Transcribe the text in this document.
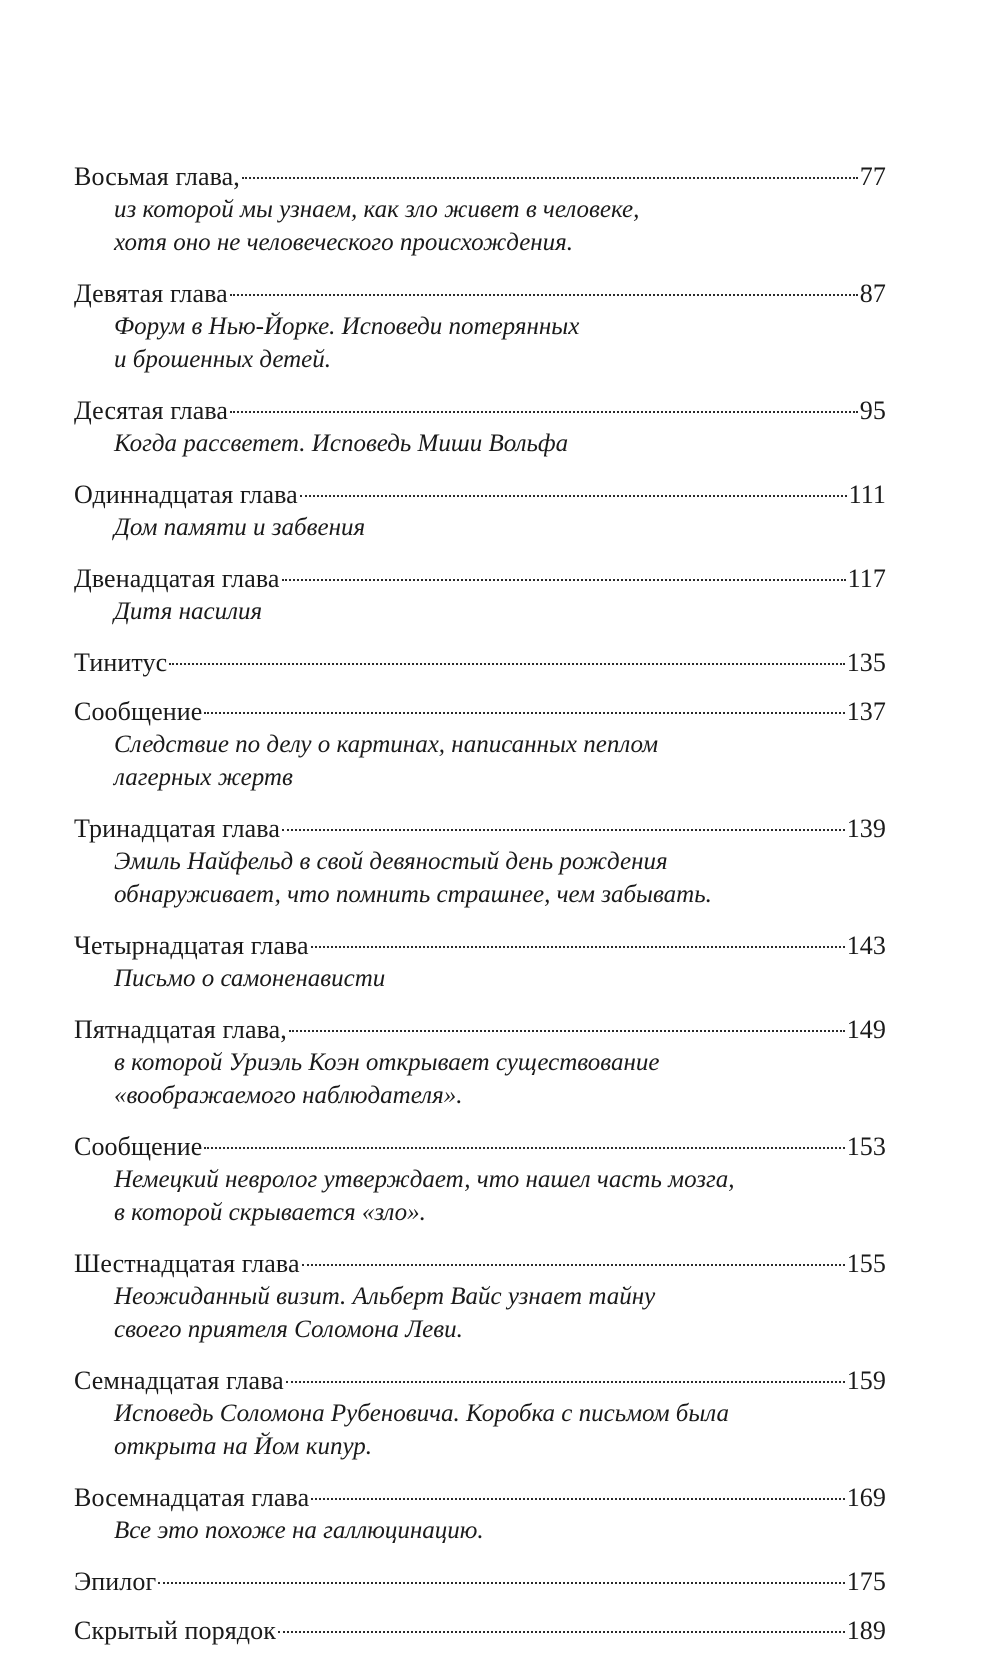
Восьмая глава,	77
из которой мы узнаем, как зло живет в человеке,
хотя оно не человеческого происхождения.
Девятая глава	87
Форум в Нью-Йорке. Исповеди потерянных
и брошенных детей.
Десятая глава	95
Когда рассветет. Исповедь Миши Вольфа
Одиннадцатая глава	111
Дом памяти и забвения
Двенадцатая глава	117
Дитя насилия
Тинитус	135
Сообщение	137
Следствие по делу о картинах, написанных пеплом
лагерных жертв
Тринадцатая глава	139
Эмиль Найфельд в свой девяностый день рождения
обнаруживает, что помнить страшнее, чем забывать.
Четырнадцатая глава	143
Письмо о самоненависти
Пятнадцатая глава,	149
в которой Уриэль Коэн открывает существование
«воображаемого наблюдателя».
Сообщение	153
Немецкий невролог утверждает, что нашел часть мозга,
в которой скрывается «зло».
Шестнадцатая глава	155
Неожиданный визит. Альберт Вайс узнает тайну
своего приятеля Соломона Леви.
Семнадцатая глава	159
Исповедь Соломона Рубеновича. Коробка с письмом была
открыта на Йом кипур.
Восемнадцатая глава	169
Все это похоже на галлюцинацию.
Эпилог	175
Скрытый порядок	189
